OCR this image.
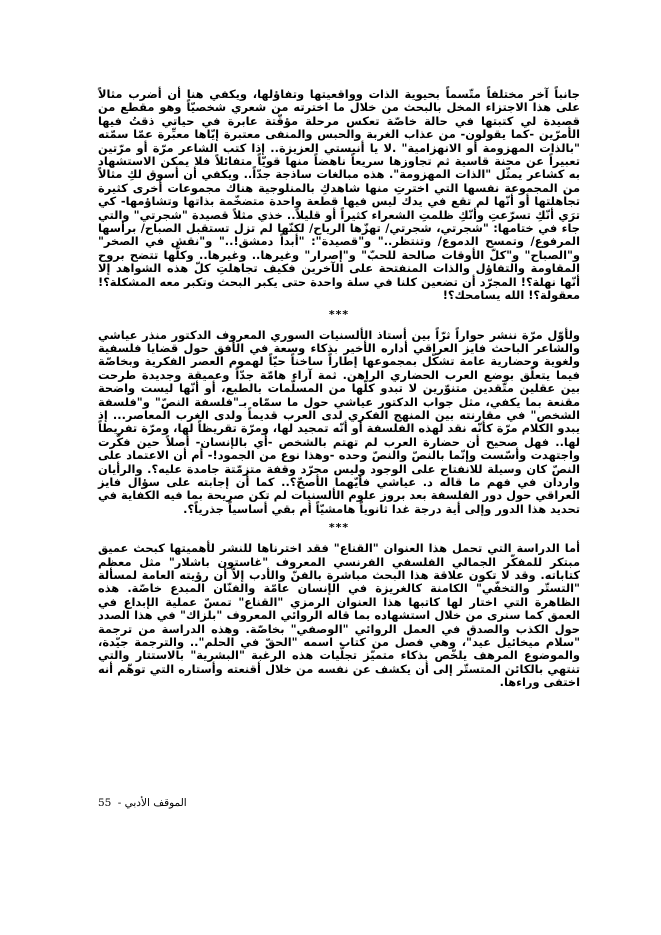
جانباً آخر مختلفاً متّسماً بحيوية الذات وواقعيتها وتفاؤلها، ويكفي هنا أن أضرب مثالاً على هذا الاجتزاء المخل بالبحث من خلال ما اخترته من شعري شخصيّاً وهو مقطع من قصيدة لي كتبتها في حالة خاصّة تعكس مرحلة مؤقّتة عابرة في حياتي ذقتُ فيها الأمرّين -كما يقولون- من عذاب الغربة والحبس والمنفى معتبرة إيّاها معبِّرة عمّا سمّته "بالذات المهزومة أو الانهزامية" .لا يا أنيستي العزيزة.. إذا كتب الشاعر مرّة أو مرّتين تعبيراً عن محنة قاسية ثم تجاوزها سريعاً ناهضاً منها قويّاً متفائلاً فلا يمكن الاستشهاد به كشاعر يمثّل "الذات المهزومة". هذه مبالغات ساذجة جدّاً.. ويكفي أن أسوق لكِ مثالاً من المجموعة نفسها التي اخترتِ منها شاهدكِ بالمنلوجية هناك مجموعات أخرى كثيرة تجاهلتها أو أنّها لم تقع في يدك ليس فيها قطعة واحدة متضخّمة بذاتها وتشاؤمها- كي ترَي أنّكِ تسرّعتِ وأنّكِ ظلمتِ الشعراء كثيراً أو قليلاً.. خذي مثلاً قصيدة "شجرتي" والتي جاء في ختامها: "شجرتي، شجرتي/ تهزّها الرياح/ لكنّها لم تزل تستقبل الصباح/ برأسها المرفوع/ وتمسح الدموع/ وتنتظر.." و"قصيدة": "أبداً دمشق!.." و"نقش في الصخر" و"الصباح" و"كلّ الأوقات صالحة للحبّ" و"إصرار" وغيرها.. وغيرها.. وكلّها تتضح بروح المقاومة والتفاؤل والذات المنفتحة على الآخرين فكيف تجاهلتِ كلّ هذه الشواهد إلا أنّها نهلة؟! المجرّد أن تضعين كلنا في سلة واحدة حتى يكبر البحث وتكبر معه المشكلة؟! معقولة؟! الله يسامحك؟!

***

ولأوّل مرّة ننشر حواراً ثرّاً بين أستاذ الألسنيات السوري المعروف الدكتور منذر عياشي والشاعر الباحث فايز العراقي أداره الأخير بذكاء وسعة في الأفق حول قضايا فلسفية ولغوية وحضارية عامة تشكّل بمجموعها إطاراً ساخناً حيّاً لهموم العصر الفكرية وبخاصّة فيما يتعلّق بوضع العرب الحضاري الراهن. ثمة آراء هامّة جدّاً وعميقة وجديدة طرحت بين عقلين متّقدين متنوّرين لا تبدو كلّها من المسلّمات بالطبع، أو أنّها ليست واضحة مقنعة بما يكفي، مثل جواب الدكتور عياشي حول ما سمّاه بـ"فلسفة النصّ" و"فلسفة الشخص" في مقارنته بين المنهج الفكري لدى العرب قديماً ولدى الغرب المعاصر... إذ يبدو الكلام مرّة كأنّه نقد لهذه الفلسفة أو أنّه تمجيد لها، ومرّة تقريظاً لها، ومرّة تفريطاً لها.. فهل صحيح أن حضارة العرب لم تهتم بالشخص -أي بالإنسان- أصلاً حين فكّرت واجتهدت وأسّست وإنّما بالنصّ والنصّ وحده -وهذا نوع من الجمود!- أم أن الاعتماد على النصّ كان وسيلة للانفتاح على الوجود وليس مجرّد وقفة متزمّتة جامدة عليه؟. والرأيان واردان في فهم ما قاله د. عياشي فأيّهما الأصحّ؟.. كما أن إجابته على سؤال فايز العراقي حول دور الفلسفة بعد بروز علوم الألسنيات لم تكن صريحة بما فيه الكفاية في تحديد هذا الدور وإلى أية درجة غدا ثانوياً هامشيّاً أم بقي أساسياً جذرياً؟.

***

أما الدراسة التي تحمل هذا العنوان "القناع" فقد اخترناها للنشر لأهميتها كبحث عميق مبتكر للمفكّر الجمالي الفلسفي الفرنسي المعروف "غاستون باشلار" مثل معظم كتاباته. وقد لا تكون علاقة هذا البحث مباشرة بالفنّ والأدب إلاّ أن رؤيته العامة لمسألة "التستّر والتخفّي" الكامنة كالغريزة في الإنسان عامّة والفنّان المبدع خاصّة. هذه الظاهرة التي اختار لها كاتبها هذا العنوان الرمزي "القناع" تمسّ عملية الإبداع في العمق كما سنرى من خلال استشهاده بما قاله الروائي المعروف "بلزاك" في هذا الصدد حول الكذب والصدق في العمل الروائي "الوصفي" بخاصّة. وهذه الدراسة من ترجمة "سلام ميخائيل عيد"، وهي فصل من كتاب اسمه "الحقّ في الحلم".. والترجمة جيّدة، والموضوع المرهف يلخّص بذكاء متميّز تجلّيات هذه الرغبة "البشرية" بالاستتار والتي تنتهي بالكائن المتستّر إلى أن يكشف عن نفسه من خلال أقنعته وأستاره التي توهّم أنه اختفى وراءها.

الموقف الأدبي - 55
